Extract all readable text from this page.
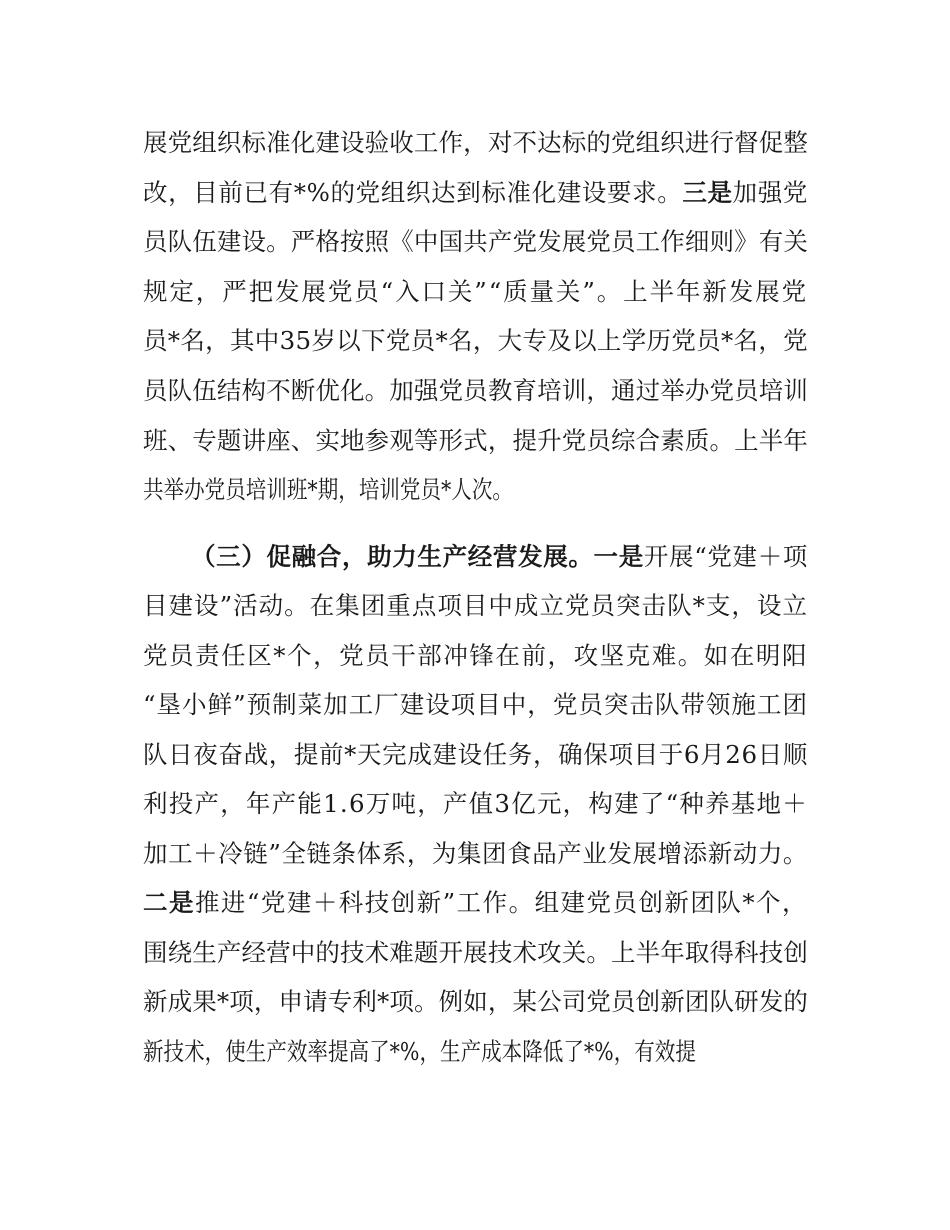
展党组织标准化建设验收工作，对不达标的党组织进行督促整
改，目前已有*%的党组织达到标准化建设要求。三是加强党
员队伍建设。严格按照《中国共产党发展党员工作细则》有关
规定，严把发展党员“入口关”“质量关”。上半年新发展党
员*名，其中35岁以下党员*名，大专及以上学历党员*名，党
员队伍结构不断优化。加强党员教育培训，通过举办党员培训
班、专题讲座、实地参观等形式，提升党员综合素质。上半年
共举办党员培训班*期，培训党员*人次。
（三）促融合，助力生产经营发展。一是开展“党建＋项
目建设”活动。在集团重点项目中成立党员突击队*支，设立
党员责任区*个，党员干部冲锋在前，攻坚克难。如在明阳
“垦小鲜”预制菜加工厂建设项目中，党员突击队带领施工团
队日夜奋战，提前*天完成建设任务，确保项目于6月26日顺
利投产，年产能1.6万吨，产值3亿元，构建了“种养基地＋
加工＋冷链”全链条体系，为集团食品产业发展增添新动力。
二是推进“党建＋科技创新”工作。组建党员创新团队*个，
围绕生产经营中的技术难题开展技术攻关。上半年取得科技创
新成果*项，申请专利*项。例如，某公司党员创新团队研发的
新技术，使生产效率提高了*%，生产成本降低了*%，有效提
